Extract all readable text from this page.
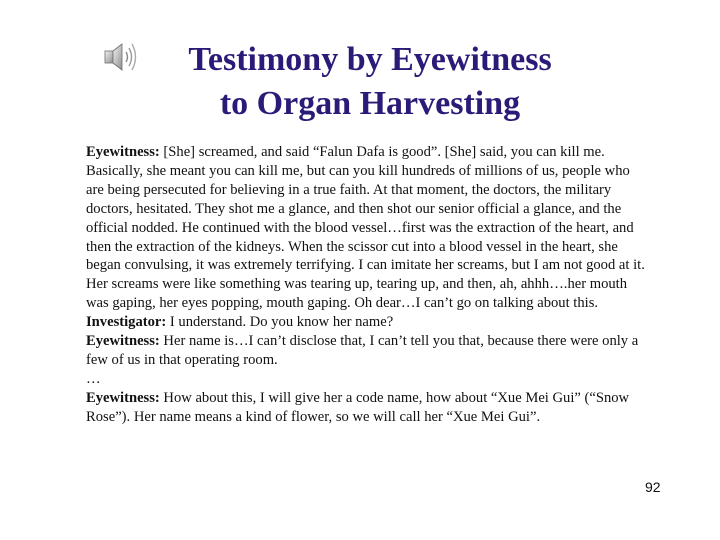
Testimony by Eyewitness
to Organ Harvesting

Eyewitness: [She] screamed, and said “Falun Dafa is good”. [She] said, you can kill me. Basically, she meant you can kill me, but can you kill hundreds of millions of us, people who are being persecuted for believing in a true faith. At that moment, the doctors, the military doctors, hesitated. They shot me a glance, and then shot our senior official a glance, and the official nodded. He continued with the blood vessel…first was the extraction of the heart, and then the extraction of the kidneys. When the scissor cut into a blood vessel in the heart, she began convulsing, it was extremely terrifying. I can imitate her screams, but I am not good at it. Her screams were like something was tearing up, tearing up, and then, ah, ahhh….her mouth was gaping, her eyes popping, mouth gaping. Oh dear…I can’t go on talking about this.

Investigator: I understand. Do you know her name?

Eyewitness: Her name is…I can’t disclose that, I can’t tell you that, because there were only a few of us in that operating room.

…

Eyewitness: How about this, I will give her a code name, how about “Xue Mei Gui” (“Snow Rose”). Her name means a kind of flower, so we will call her “Xue Mei Gui”.

92
